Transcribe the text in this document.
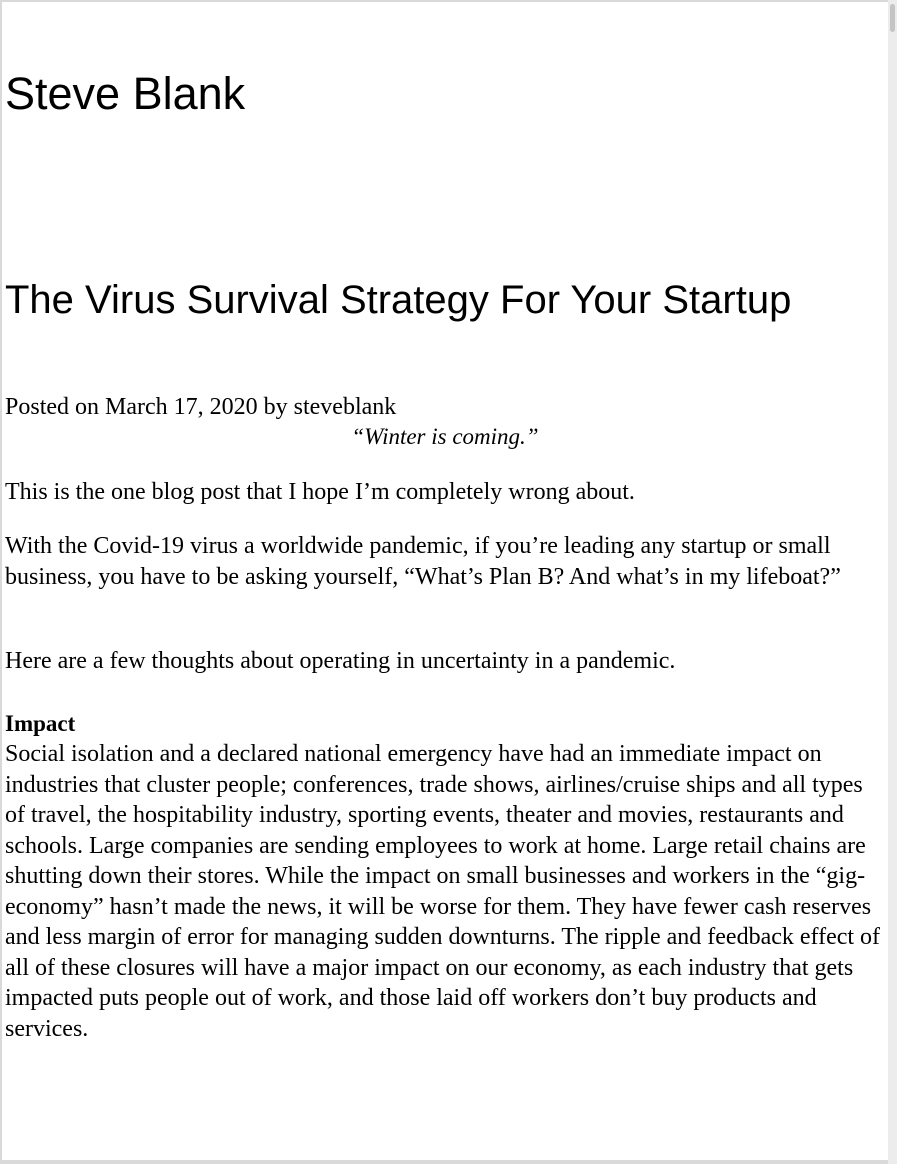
Steve Blank
The Virus Survival Strategy For Your Startup

Posted on March 17, 2020 by steveblank

“Winter is coming.”

This is the one blog post that I hope I’m completely wrong about.

With the Covid-19 virus a worldwide pandemic, if you’re leading any startup or small business, you have to be asking yourself, “What’s Plan B? And what’s in my lifeboat?”

Here are a few thoughts about operating in uncertainty in a pandemic.

Impact

Social isolation and a declared national emergency have had an immediate impact on industries that cluster people; conferences, trade shows, airlines/cruise ships and all types of travel, the hospitability industry, sporting events, theater and movies, restaurants and schools. Large companies are sending employees to work at home. Large retail chains are shutting down their stores. While the impact on small businesses and workers in the “gig-economy” hasn’t made the news, it will be worse for them. They have fewer cash reserves and less margin of error for managing sudden downturns. The ripple and feedback effect of all of these closures will have a major impact on our economy, as each industry that gets impacted puts people out of work, and those laid off workers don’t buy products and services.
